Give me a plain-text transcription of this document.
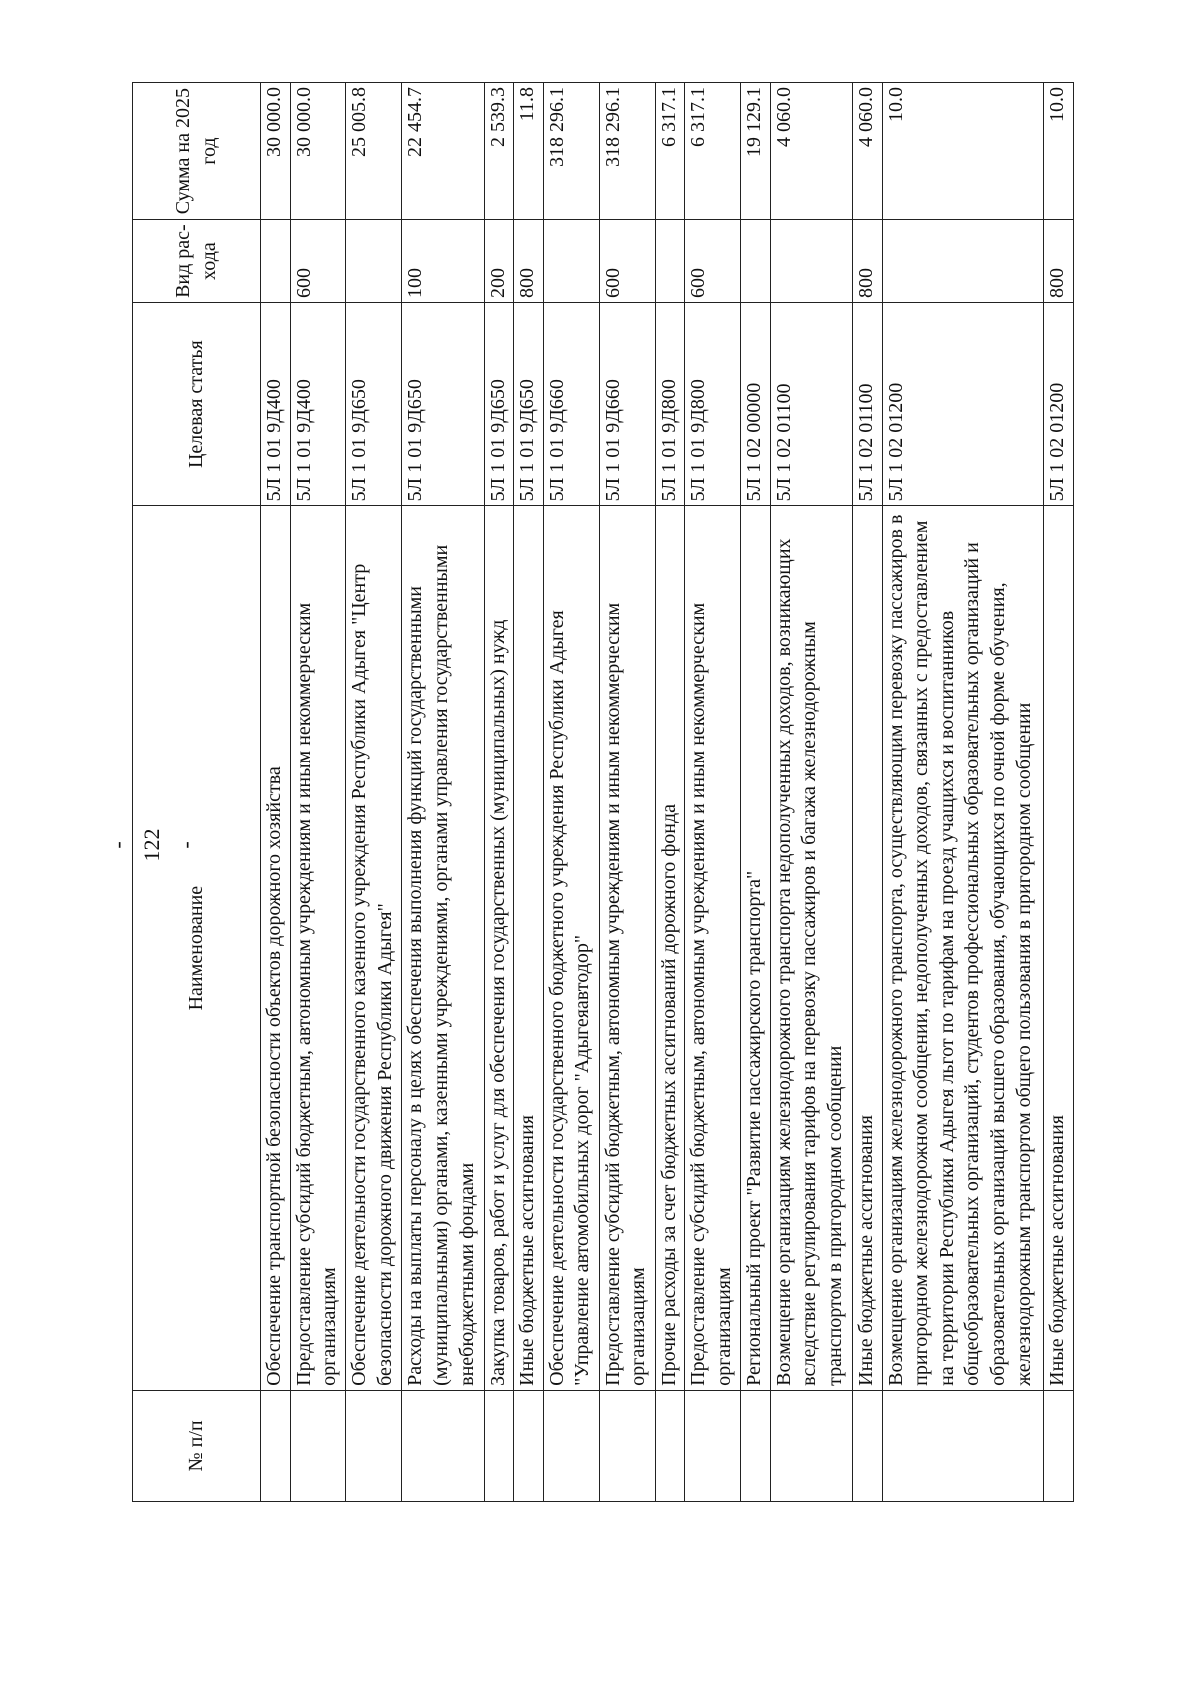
- 122 -
№ п/п	Наименование	Целевая статья	Вид рас-хода	Сумма на 2025 год
	Обеспечение транспортной безопасности объектов дорожного хозяйства	5Л 1 01 9Д400		30 000.0
	Предоставление субсидий бюджетным, автономным учреждениям и иным некоммерческим организациям	5Л 1 01 9Д400	600	30 000.0
	Обеспечение деятельности государственного казенного учреждения Республики Адыгея "Центр безопасности дорожного движения Республики Адыгея"	5Л 1 01 9Д650		25 005.8
	Расходы на выплаты персоналу в целях обеспечения выполнения функций государственными (муниципальными) органами, казенными учреждениями, органами управления государственными внебюджетными фондами	5Л 1 01 9Д650	100	22 454.7
	Закупка товаров, работ и услуг для обеспечения государственных (муниципальных) нужд	5Л 1 01 9Д650	200	2 539.3
	Иные бюджетные ассигнования	5Л 1 01 9Д650	800	11.8
	Обеспечение деятельности государственного бюджетного учреждения Республики Адыгея "Управление автомобильных дорог "Адыгеяавтодор"	5Л 1 01 9Д660		318 296.1
	Предоставление субсидий бюджетным, автономным учреждениям и иным некоммерческим организациям	5Л 1 01 9Д660	600	318 296.1
	Прочие расходы за счет бюджетных ассигнований дорожного фонда	5Л 1 01 9Д800		6 317.1
	Предоставление субсидий бюджетным, автономным учреждениям и иным некоммерческим организациям	5Л 1 01 9Д800	600	6 317.1
	Региональный проект "Развитие пассажирского транспорта"	5Л 1 02 00000		19 129.1
	Возмещение организациям железнодорожного транспорта недополученных доходов, возникающих вследствие регулирования тарифов на перевозку пассажиров и багажа железнодорожным транспортом в пригородном сообщении	5Л 1 02 01100		4 060.0
	Иные бюджетные ассигнования	5Л 1 02 01100	800	4 060.0
	Возмещение организациям железнодорожного транспорта, осуществляющим перевозку пассажиров в пригородном железнодорожном сообщении, недополученных доходов, связанных с предоставлением на территории Республики Адыгея льгот по тарифам на проезд учащихся и воспитанников общеобразовательных организаций, студентов профессиональных образовательных организаций и образовательных организаций высшего образования, обучающихся по очной форме обучения, железнодорожным транспортом общего пользования в пригородном сообщении	5Л 1 02 01200		10.0
	Иные бюджетные ассигнования	5Л 1 02 01200	800	10.0
